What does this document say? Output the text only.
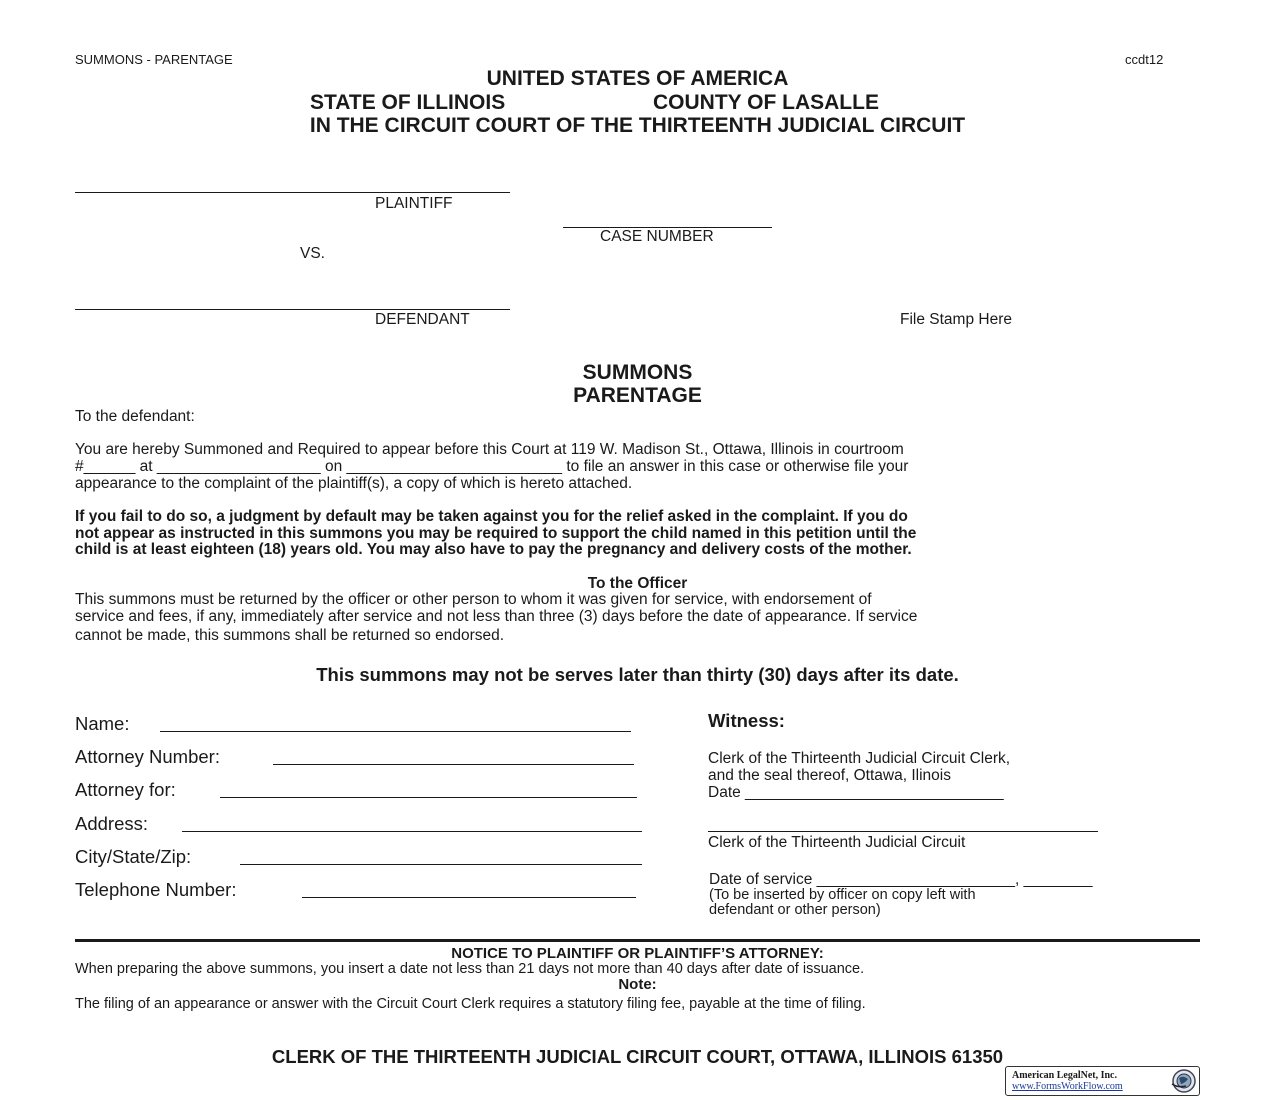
SUMMONS - PARENTAGE	ccdt12
UNITED STATES OF AMERICA
STATE OF ILLINOIS	COUNTY OF LASALLE
IN THE CIRCUIT COURT OF THE THIRTEENTH JUDICIAL CIRCUIT
PLAINTIFF
CASE NUMBER
VS.
DEFENDANT	File Stamp Here
SUMMONS
PARENTAGE
To the defendant:
You are hereby Summoned and Required to appear before this Court at 119 W. Madison St., Ottawa, Illinois in courtroom
#______ at ___________________ on _________________________ to file an answer in this case or otherwise file your
appearance to the complaint of the plaintiff(s), a copy of which is hereto attached.
If you fail to do so, a judgment by default may be taken against you for the relief asked in the complaint. If you do
not appear as instructed in this summons you may be required to support the child named in this petition until the
child is at least eighteen (18) years old. You may also have to pay the pregnancy and delivery costs of the mother.
To the Officer
This summons must be returned by the officer or other person to whom it was given for service, with endorsement of
service and fees, if any, immediately after service and not less than three (3) days before the date of appearance. If service
cannot be made, this summons shall be returned so endorsed.
This summons may not be serves later than thirty (30) days after its date.
Name:
Attorney Number:
Attorney for:
Address:
City/State/Zip:
Telephone Number:
Witness:
Clerk of the Thirteenth Judicial Circuit Clerk,
and the seal thereof, Ottawa, Ilinois
Date ______________________________
Clerk of the Thirteenth Judicial Circuit
Date of service _______________________, ________
(To be inserted by officer on copy left with
defendant or other person)
NOTICE TO PLAINTIFF OR PLAINTIFF’S ATTORNEY:
When preparing the above summons, you insert a date not less than 21 days not more than 40 days after date of issuance.
Note:
The filing of an appearance or answer with the Circuit Court Clerk requires a statutory filing fee, payable at the time of filing.
CLERK OF THE THIRTEENTH JUDICIAL CIRCUIT COURT, OTTAWA, ILLINOIS 61350
American LegalNet, Inc.
www.FormsWorkFlow.com
